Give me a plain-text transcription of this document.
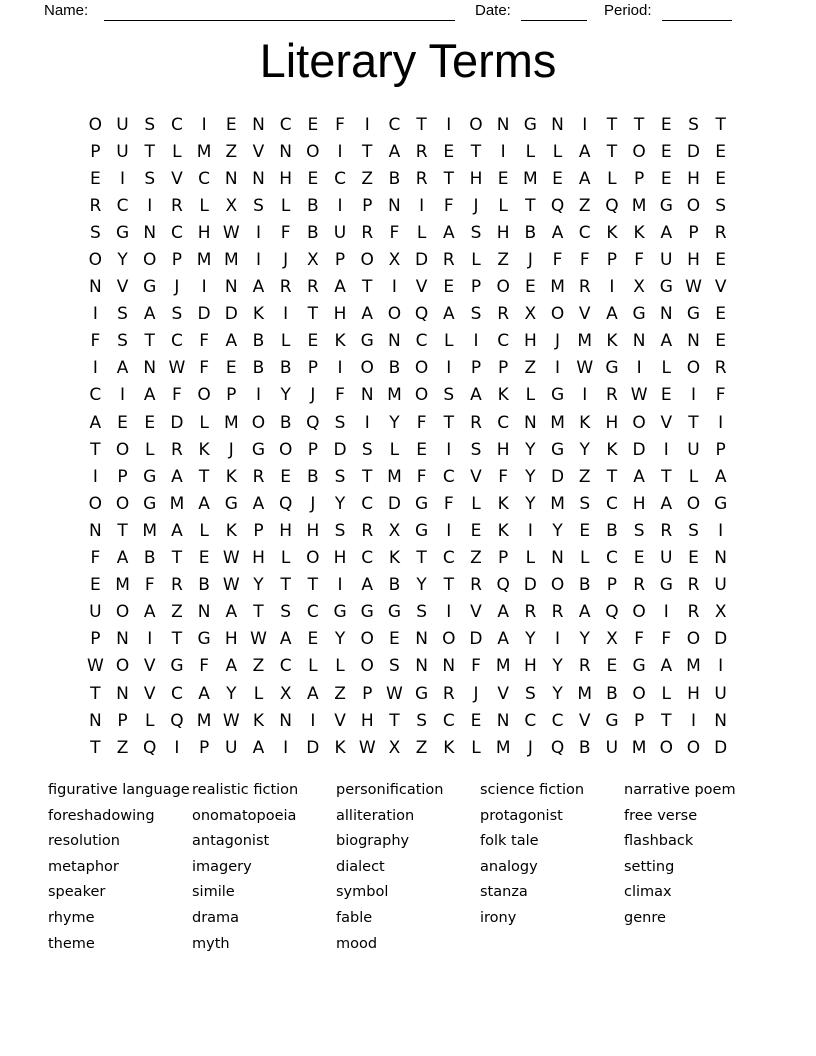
Name:	Date:	Period:
Literary Terms
O U S C	I	E N C E F	I	C T	I	O N G N	I	T T E S T
P U T	L M Z V N O	I	T A R E T	I	L	L A T O E D E
E	I	S V C N N H E C Z B R T H E M E A L	P E H E
R C	I	R L X S	L B	I	P N	I	F	J	L	T Q Z Q M G O S
S G N C H W I	F B U R F	L A S H B A C K K A P R
O Y O P M M	I	J	X P O X D R L Z	J	F	F	P	F U H E
N V G	J	I	N A R R A T	I	V E P O E M R	I	X G W V
I	S A S D D K	I	T H A O Q A S R X O V A G N G E
F S T C F A B L	E K G N C L	I	C H	J	M K N A N E
I	A N W F E B B P	I	O B O	I	P P Z	I W G	I	L O R
C	I	A F O P	I	Y	J	F N M O S A K L G	I	R W E	I	F
A E E D L M O B Q S	I	Y	F	T R C N M K H O V T	I
T O L R K	J	G O P D S	L	E	I	S H Y G Y K D	I	U P
I	P G A T K R E B S T M F C V F	Y D Z T A T	L A
O O G M A G A Q	J	Y C D G F	L K Y M S C H A O G
N T M A L K P H H S R X G	I	E K	I	Y E B S R S	I
F A B T E W H L O H C K T C Z P	L N L C E U E N
E M F R B W Y T T	I	A B Y T R Q D O B P R G R U
U O A Z N A T S C G G G S	I	V A R R A Q O	I	R X
P N	I	T G H W A E Y O E N O D A Y	I	Y X F	F O D
W O V G F A Z C L	L O S N N F M H Y R E G A M	I
T N V C A Y	L X A Z P W G R	J	V S Y M B O L H U
N P	L Q M W K N	I	V H T S C E N C C V G P T	I	N
T Z Q	I	P U A	I	D K W X Z K L M	J	Q B U M O O D
figurative language
foreshadowing
resolution
metaphor
speaker
rhyme
theme
realistic fiction
onomatopoeia
antagonist
imagery
simile
drama
myth
personification
alliteration
biography
dialect
symbol
fable
mood
science fiction
protagonist
folk tale
analogy
stanza
irony
narrative poem
free verse
flashback
setting
climax
genre
